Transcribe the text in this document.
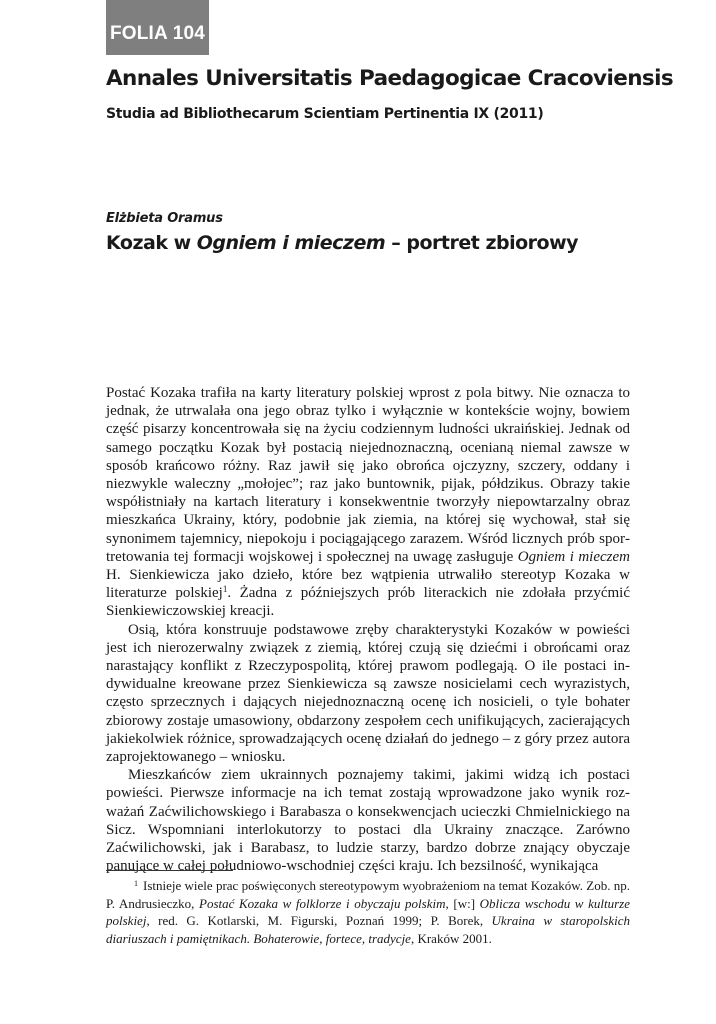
FOLIA 104
Annales Universitatis Paedagogicae Cracoviensis
Studia ad Bibliothecarum Scientiam Pertinentia IX (2011)
Elżbieta Oramus
Kozak w Ogniem i mieczem – portret zbiorowy

Postać Kozaka trafiła na karty literatury polskiej wprost z pola bitwy. Nie oznacza to jednak, że utrwalała ona jego obraz tylko i wyłącznie w kontekście wojny, bowiem część pisarzy koncentrowała się na życiu codziennym ludności ukraińskiej. Jednak od samego początku Kozak był postacią niejednoznaczną, ocenianą niemal zawsze w sposób krańcowo różny. Raz jawił się jako obrońca ojczyzny, szczery, oddany i niezwykle waleczny „mołojec”; raz jako buntownik, pijak, półdzikus. Obrazy takie współistniały na kartach literatury i konsekwentnie tworzyły niepowtarzalny obraz mieszkańca Ukrainy, który, podobnie jak ziemia, na której się wychował, stał się synonimem tajemnicy, niepokoju i pociągającego zarazem. Wśród licznych prób sportretowania tej formacji wojskowej i społecznej na uwagę zasługuje Ogniem i mieczem H. Sienkiewicza jako dzieło, które bez wątpienia utrwaliło stereotyp Kozaka w literaturze polskiej$^1$. Żadna z późniejszych prób literackich nie zdołała przyćmić Sienkiewiczowskiej kreacji.

Osią, która konstruuje podstawowe zręby charakterystyki Kozaków w powieści jest ich nierozerwalny związek z ziemią, której czują się dziećmi i obrońcami oraz narastający konflikt z Rzeczypospolitą, której prawom podlegają. O ile postaci indywidualne kreowane przez Sienkiewicza są zawsze nosicielami cech wyrazistych, często sprzecznych i dających niejednoznaczną ocenę ich nosicieli, o tyle bohater zbiorowy zostaje umasowiony, obdarzony zespołem cech unifikujących, zacierających jakiekolwiek różnice, sprowadzających ocenę działań do jednego – z góry przez autora zaprojektowanego – wniosku.

Mieszkańców ziem ukrainnych poznajemy takimi, jakimi widzą ich postaci powieści. Pierwsze informacje na ich temat zostają wprowadzone jako wynik rozważań Zaćwilichowskiego i Barabasza o konsekwencjach ucieczki Chmielnickiego na Sicz. Wspomniani interlokutorzy to postaci dla Ukrainy znaczące. Zarówno Zaćwilichowski, jak i Barabasz, to ludzie starzy, bardzo dobrze znający obyczaje panujące w całej południowo-wschodniej części kraju. Ich bezsilność, wynikająca

$^1$ Istnieje wiele prac poświęconych stereotypowym wyobrażeniom na temat Kozaków. Zob. np. P. Andrusieczko, Postać Kozaka w folklorze i obyczaju polskim, [w:] Oblicza wschodu w kulturze polskiej, red. G. Kotlarski, M. Figurski, Poznań 1999; P. Borek, Ukraina w staropolskich diariuszach i pamiętnikach. Bohaterowie, fortece, tradycje, Kraków 2001.
